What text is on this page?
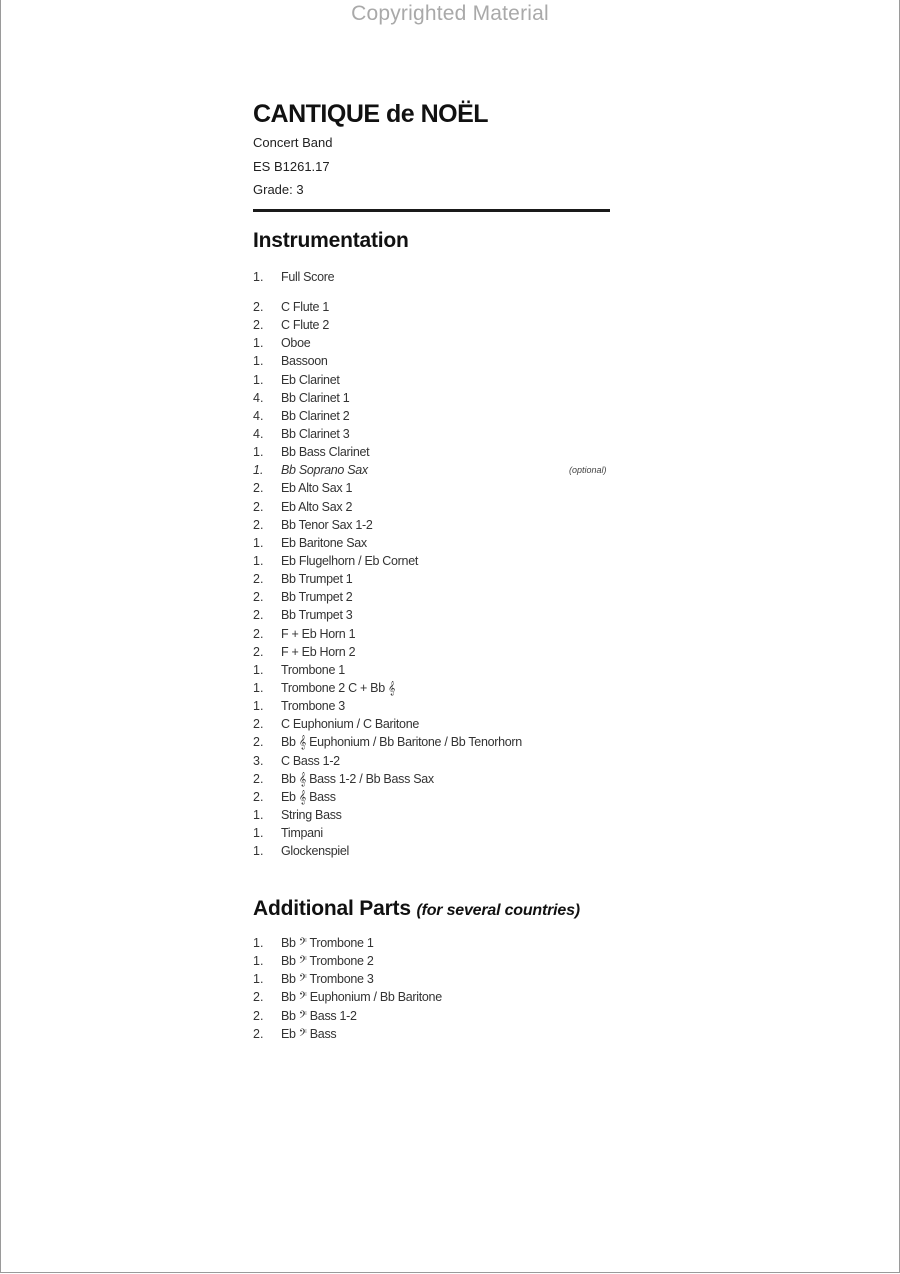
Copyrighted Material
CANTIQUE de NOËL
Concert Band
ES B1261.17
Grade: 3
Instrumentation
1.	Full Score
2.	C Flute 1
2.	C Flute 2
1.	Oboe
1.	Bassoon
1.	Eb Clarinet
4.	Bb Clarinet 1
4.	Bb Clarinet 2
4.	Bb Clarinet 3
1.	Bb Bass Clarinet
1.	Bb Soprano Sax	(optional)
2.	Eb Alto Sax 1
2.	Eb Alto Sax 2
2.	Bb Tenor Sax 1-2
1.	Eb Baritone Sax
1.	Eb Flugelhorn / Eb Cornet
2.	Bb Trumpet 1
2.	Bb Trumpet 2
2.	Bb Trumpet 3
2.	F + Eb Horn 1
2.	F + Eb Horn 2
1.	Trombone 1
1.	Trombone 2 C + Bb 𝄞
1.	Trombone 3
2.	C Euphonium / C Baritone
2.	Bb 𝄞 Euphonium / Bb Baritone / Bb Tenorhorn
3.	C Bass 1-2
2.	Bb 𝄞 Bass 1-2 / Bb Bass Sax
2.	Eb 𝄞 Bass
1.	String Bass
1.	Timpani
1.	Glockenspiel
Additional Parts (for several countries)
1.	Bb 𝄢 Trombone 1
1.	Bb 𝄢 Trombone 2
1.	Bb 𝄢 Trombone 3
2.	Bb 𝄢 Euphonium / Bb Baritone
2.	Bb 𝄢 Bass 1-2
2.	Eb 𝄢 Bass
